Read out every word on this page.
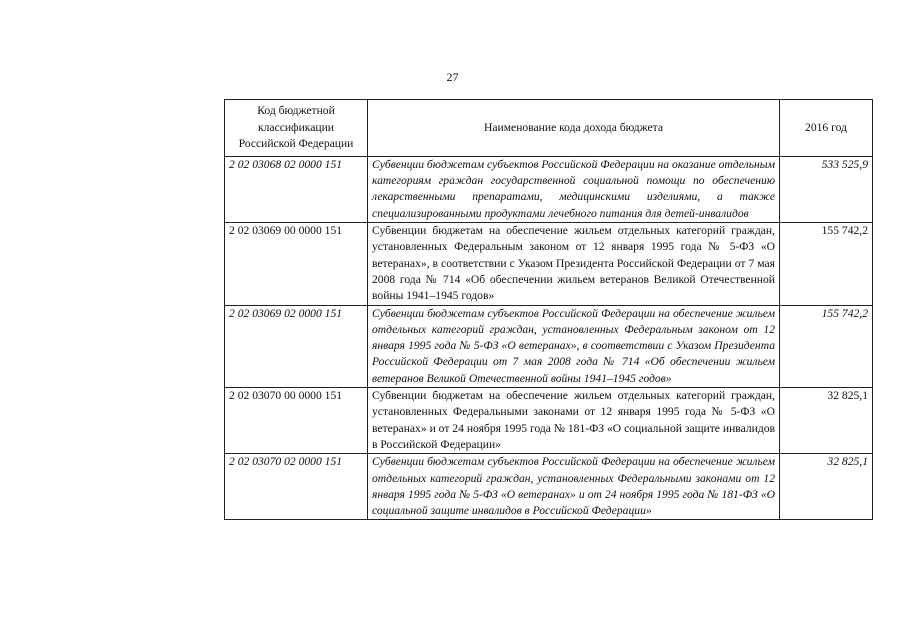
27
Код бюджетной классификации Российской Федерации	Наименование кода дохода бюджета	2016 год
2 02 03068 02 0000 151	Субвенции бюджетам субъектов Российской Федерации на оказание отдельным категориям граждан государственной социальной помощи по обеспечению лекарственными препаратами, медицинскими изделиями, а также специализированными продуктами лечебного питания для детей-инвалидов	533 525,9
2 02 03069 00 0000 151	Субвенции бюджетам на обеспечение жильем отдельных категорий граждан, установленных Федеральным законом от 12 января 1995 года № 5-ФЗ «О ветеранах», в соответствии с Указом Президента Российской Федерации от 7 мая 2008 года № 714 «Об обеспечении жильем ветеранов Великой Отечественной войны 1941–1945 годов»	155 742,2
2 02 03069 02 0000 151	Субвенции бюджетам субъектов Российской Федерации на обеспечение жильем отдельных категорий граждан, установленных Федеральным законом от 12 января 1995 года № 5-ФЗ «О ветеранах», в соответствии с Указом Президента Российской Федерации от 7 мая 2008 года № 714 «Об обеспечении жильем ветеранов Великой Отечественной войны 1941–1945 годов»	155 742,2
2 02 03070 00 0000 151	Субвенции бюджетам на обеспечение жильем отдельных категорий граждан, установленных Федеральными законами от 12 января 1995 года № 5-ФЗ «О ветеранах» и от 24 ноября 1995 года № 181-ФЗ «О социальной защите инвалидов в Российской Федерации»	32 825,1
2 02 03070 02 0000 151	Субвенции бюджетам субъектов Российской Федерации на обеспечение жильем отдельных категорий граждан, установленных Федеральными законами от 12 января 1995 года № 5-ФЗ «О ветеранах» и от 24 ноября 1995 года № 181-ФЗ «О социальной защите инвалидов в Российской Федерации»	32 825,1
